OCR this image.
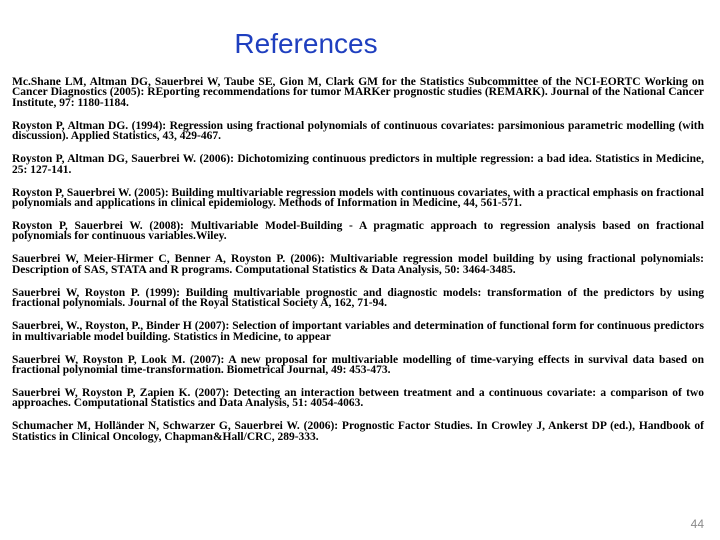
References

Mc.Shane LM, Altman DG, Sauerbrei W, Taube SE, Gion M, Clark GM for the Statistics Subcommittee of the NCI-EORTC Working on Cancer Diagnostics (2005): REporting recommendations for tumor MARKer prognostic studies (REMARK). Journal of the National Cancer Institute, 97: 1180-1184.

Royston P, Altman DG. (1994): Regression using fractional polynomials of continuous covariates: parsimonious parametric modelling (with discussion). Applied Statistics, 43, 429-467.

Royston P, Altman DG, Sauerbrei W. (2006): Dichotomizing continuous predictors in multiple regression: a bad idea. Statistics in Medicine, 25: 127-141.

Royston P, Sauerbrei W. (2005): Building multivariable regression models with continuous covariates, with a practical emphasis on fractional polynomials and applications in clinical epidemiology. Methods of Information in Medicine, 44, 561-571.

Royston P, Sauerbrei W. (2008): Multivariable Model-Building - A pragmatic approach to regression analysis based on fractional polynomials for continuous variables.Wiley.

Sauerbrei W, Meier-Hirmer C, Benner A, Royston P. (2006): Multivariable regression model building by using fractional polynomials: Description of SAS, STATA and R programs. Computational Statistics & Data Analysis, 50: 3464-3485.

Sauerbrei W, Royston P. (1999): Building multivariable prognostic and diagnostic models: transformation of the predictors by using fractional polynomials. Journal of the Royal Statistical Society A, 162, 71-94.

Sauerbrei, W., Royston, P., Binder H (2007): Selection of important variables and determination of functional form for continuous predictors in multivariable model building. Statistics in Medicine, to appear

Sauerbrei W, Royston P, Look M. (2007): A new proposal for multivariable modelling of time-varying effects in survival data based on fractional polynomial time-transformation. Biometrical Journal, 49: 453-473.

Sauerbrei W, Royston P, Zapien K. (2007): Detecting an interaction between treatment and a continuous covariate: a comparison of two approaches. Computational Statistics and Data Analysis, 51: 4054-4063.

Schumacher M, Holländer N, Schwarzer G, Sauerbrei W. (2006): Prognostic Factor Studies. In Crowley J, Ankerst DP (ed.), Handbook of Statistics in Clinical Oncology, Chapman&Hall/CRC, 289-333.

44
